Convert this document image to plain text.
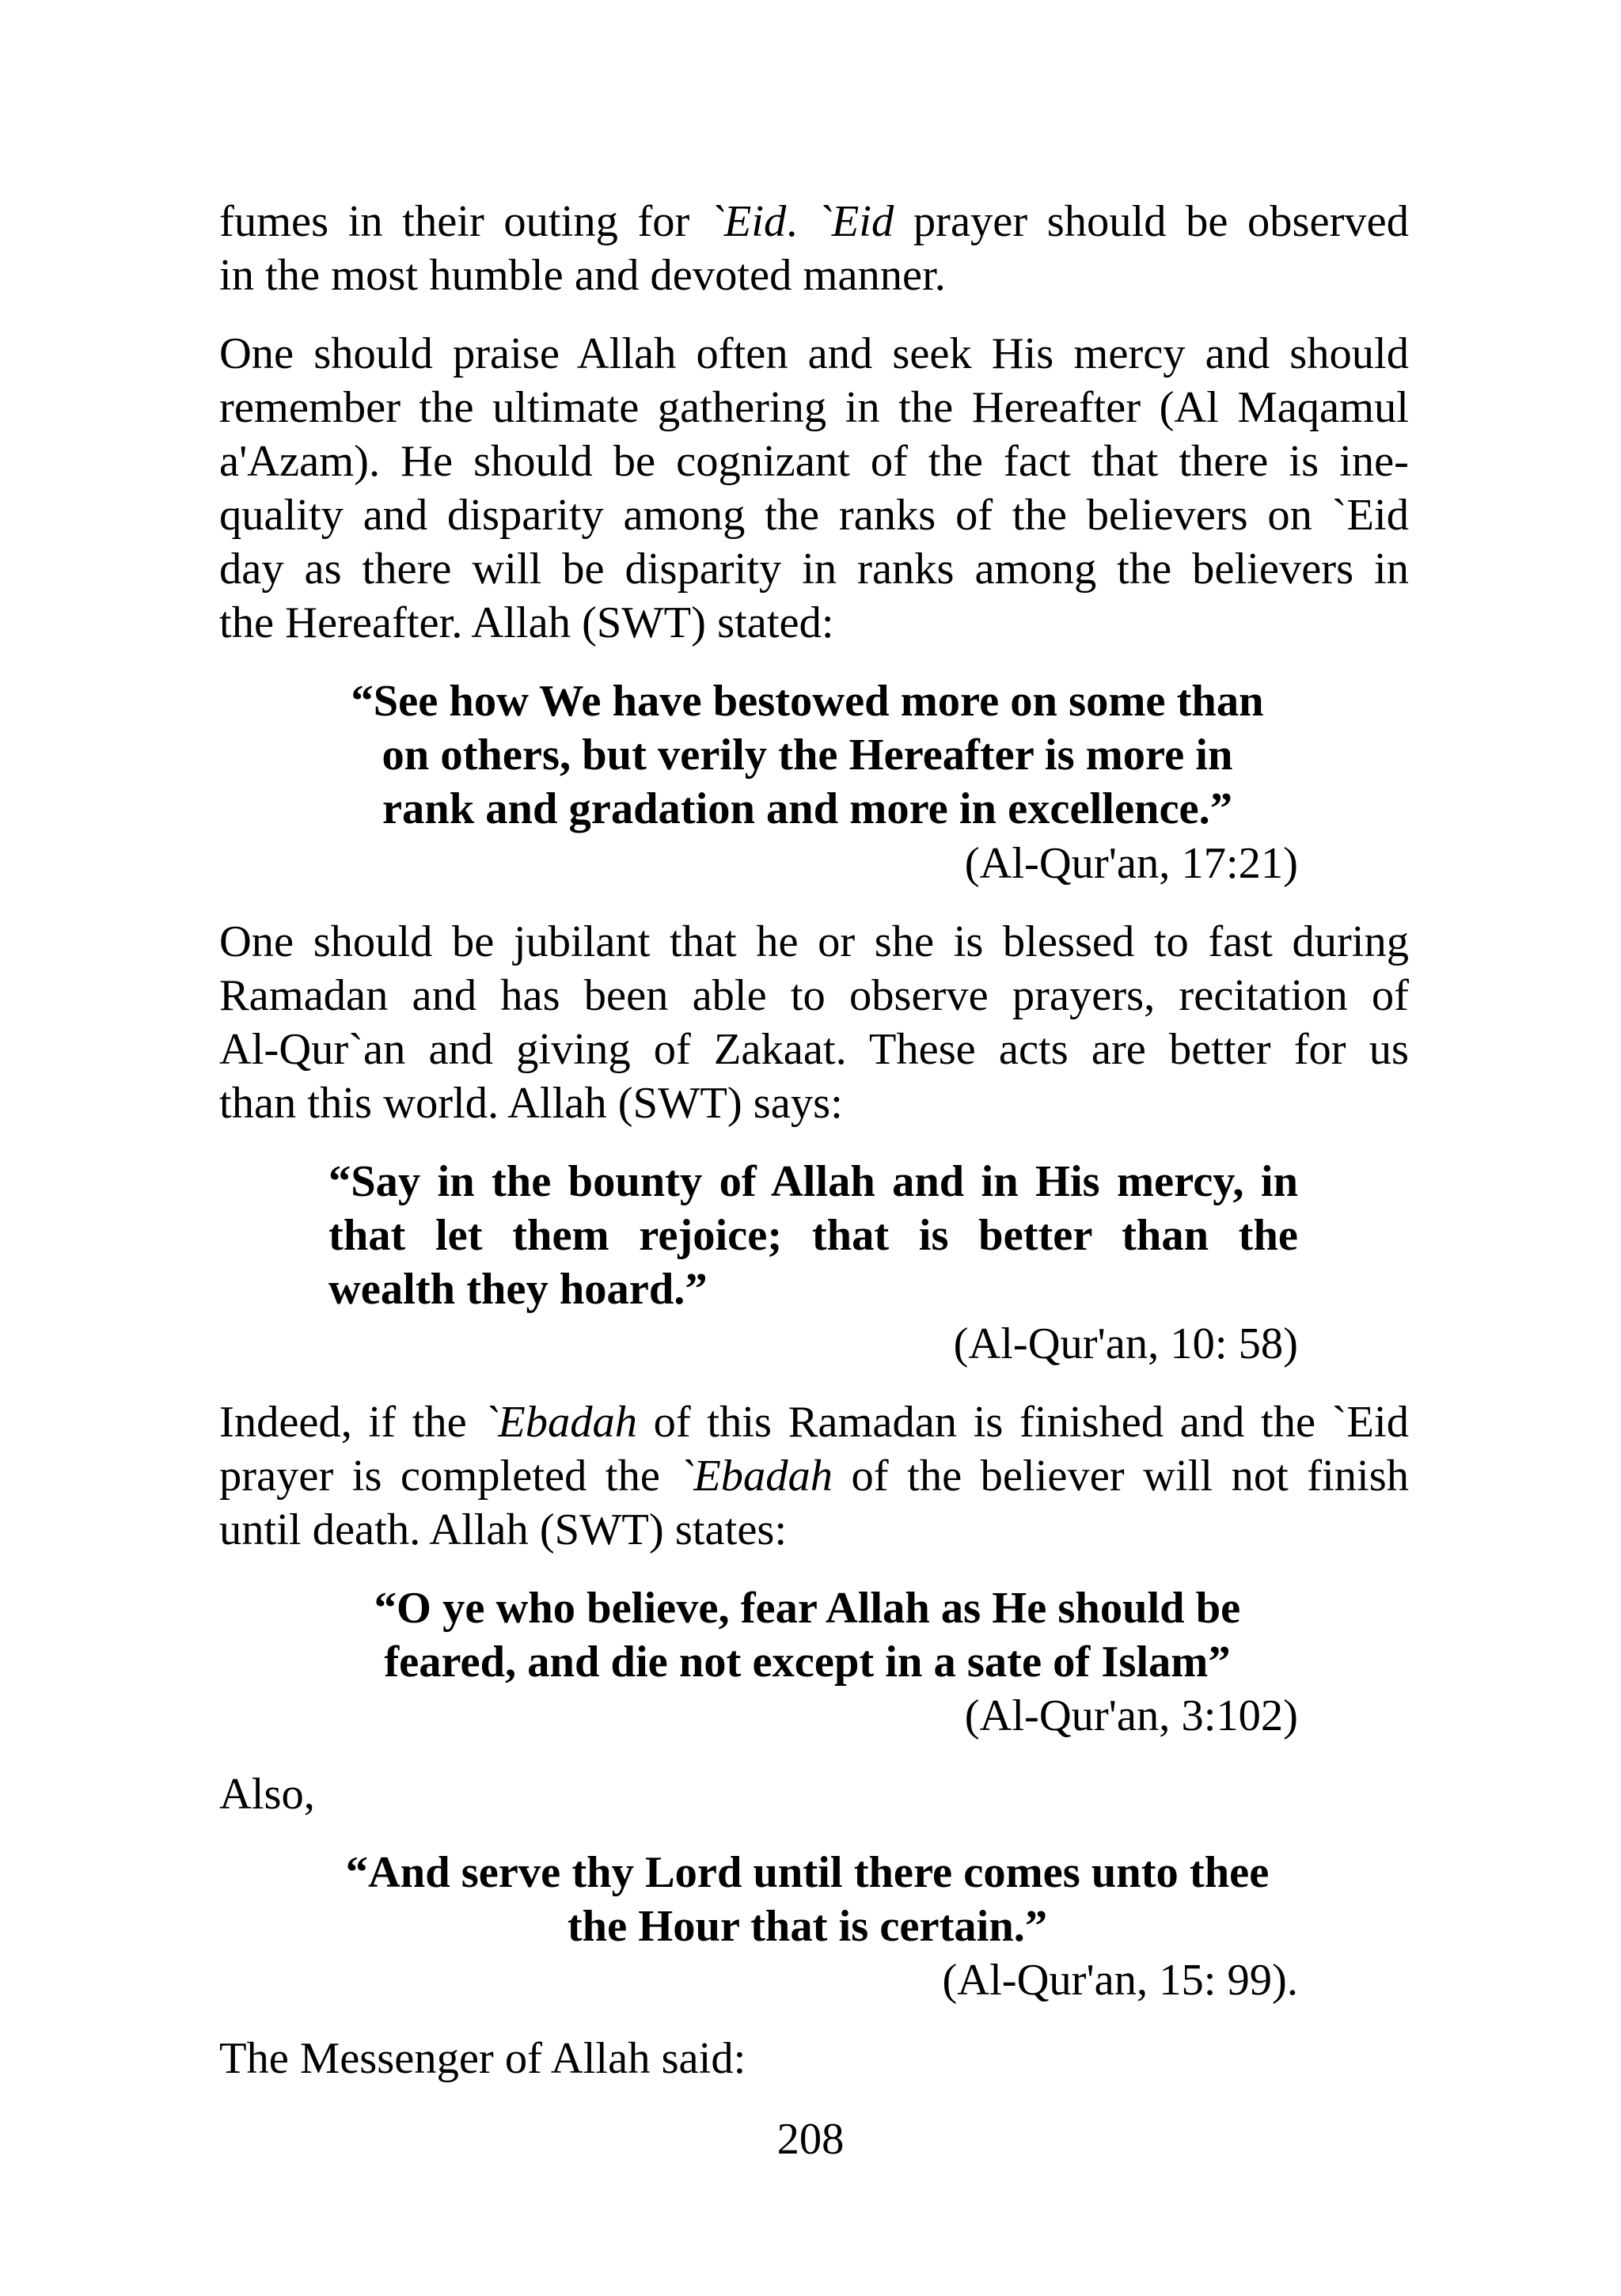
fumes in their outing for `Eid. `Eid prayer should be observed
in the most humble and devoted manner.
One should praise Allah often and seek His mercy and should
remember the ultimate gathering in the Hereafter (Al Maqamul
a'Azam). He should be cognizant of the fact that there is ine-
quality and disparity among the ranks of the believers on `Eid
day as there will be disparity in ranks among the believers in
the Hereafter. Allah (SWT) stated:
“See how We have bestowed more on some than
on others, but verily the Hereafter is more in
rank and gradation and more in excellence.”
(Al-Qur'an, 17:21)
One should be jubilant that he or she is blessed to fast during
Ramadan and has been able to observe prayers, recitation of
Al-Qur`an and giving of Zakaat. These acts are better for us
than this world. Allah (SWT) says:
“Say in the bounty of Allah and in His mercy, in
that let them rejoice; that is better than the
wealth they hoard.”
(Al-Qur'an, 10: 58)
Indeed, if the `Ebadah of this Ramadan is finished and the `Eid
prayer is completed the `Ebadah of the believer will not finish
until death. Allah (SWT) states:
“O ye who believe, fear Allah as He should be
feared, and die not except in a sate of Islam”
(Al-Qur'an, 3:102)
Also,
“And serve thy Lord until there comes unto thee
the Hour that is certain.”
(Al-Qur'an, 15: 99).
The Messenger of Allah said:
208
